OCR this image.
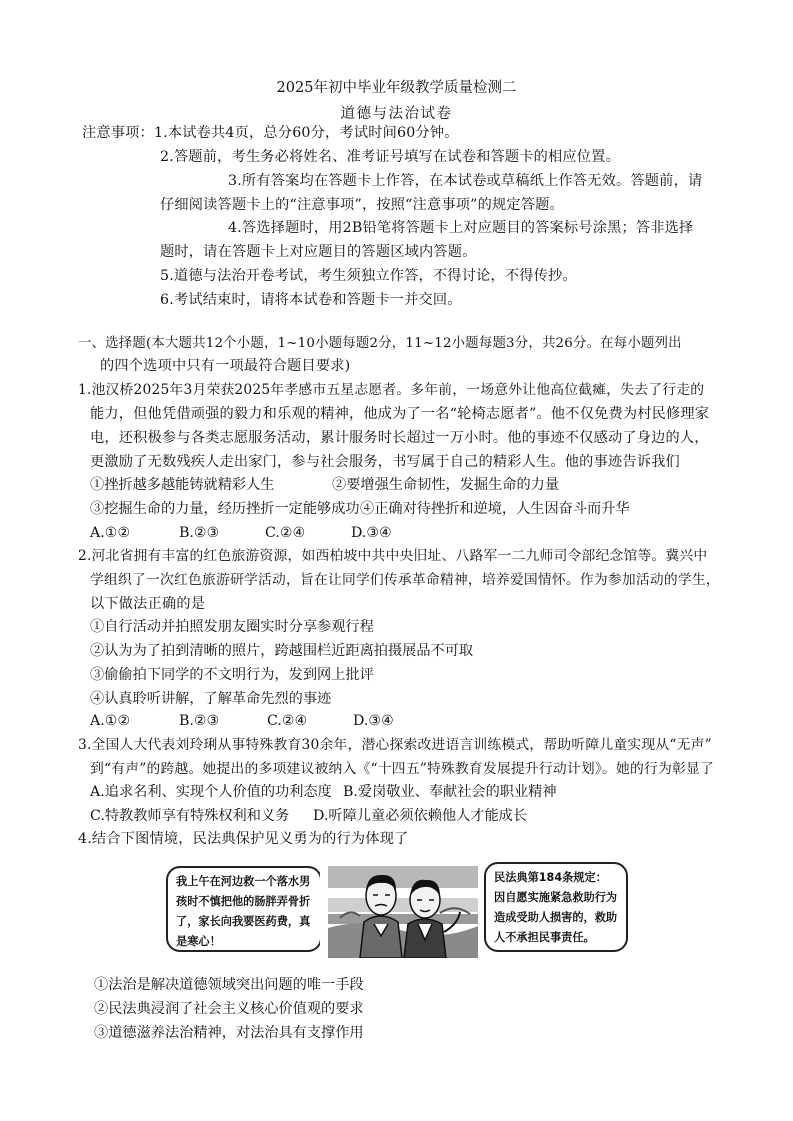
2025年初中毕业年级教学质量检测二
道德与法治试卷
注意事项：1.本试卷共4页，总分60分，考试时间60分钟。
2.答题前，考生务必将姓名、准考证号填写在试卷和答题卡的相应位置。
3.所有答案均在答题卡上作答，在本试卷或草稿纸上作答无效。答题前，请
仔细阅读答题卡上的“注意事项”，按照“注意事项”的规定答题。
4.答选择题时，用2B铅笔将答题卡上对应题目的答案标号涂黑；答非选择
题时，请在答题卡上对应题目的答题区域内答题。
5.道德与法治开卷考试，考生须独立作答，不得讨论，不得传抄。
6.考试结束时，请将本试卷和答题卡一并交回。
一、选择题(本大题共12个小题，1~10小题每题2分，11~12小题每题3分，共26分。在每小题列出
的四个选项中只有一项最符合题目要求)
1.池汉桥2025年3月荣获2025年孝感市五星志愿者。多年前，一场意外让他高位截瘫，失去了行走的
能力，但他凭借顽强的毅力和乐观的精神，他成为了一名“轮椅志愿者”。他不仅免费为村民修理家
电，还积极参与各类志愿服务活动，累计服务时长超过一万小时。他的事迹不仅感动了身边的人，
更激励了无数残疾人走出家门，参与社会服务，书写属于自己的精彩人生。他的事迹告诉我们
①挫折越多越能铸就精彩人生	②要增强生命韧性，发掘生命的力量
③挖掘生命的力量，经历挫折一定能够成功 ④正确对待挫折和逆境，人生因奋斗而升华
A.①②	B.②③	C.②④	D.③④
2.河北省拥有丰富的红色旅游资源，如西柏坡中共中央旧址、八路军一二九师司令部纪念馆等。冀兴中
学组织了一次红色旅游研学活动，旨在让同学们传承革命精神，培养爱国情怀。作为参加活动的学生，
以下做法正确的是
①自行活动并拍照发朋友圈实时分享参观行程
②认为为了拍到清晰的照片，跨越围栏近距离拍摄展品不可取
③偷偷拍下同学的不文明行为，发到网上批评
④认真聆听讲解，了解革命先烈的事迹
A.①②	B.②③	C.②④	D.③④
3.全国人大代表刘玲琍从事特殊教育30余年，潜心探索改进语言训练模式，帮助听障儿童实现从“无声”
到“有声”的跨越。她提出的多项建议被纳入《“十四五”特殊教育发展提升行动计划》。她的行为彰显了
A.追求名利、实现个人价值的功利态度 B.爱岗敬业、奉献社会的职业精神
C.特教教师享有特殊权利和义务 D.听障儿童必须依赖他人才能成长
4.结合下图情境，民法典保护见义勇为的行为体现了
我上午在河边救一个落水男孩时不慎把他的肠胖弄骨折了，家长向我要医药费，真是寒心！
民法典第184条规定：因自愿实施紧急救助行为造成受助人损害的，救助人不承担民事责任。
①法治是解决道德领域突出问题的唯一手段
②民法典浸润了社会主义核心价值观的要求
③道德滋养法治精神，对法治具有支撑作用
